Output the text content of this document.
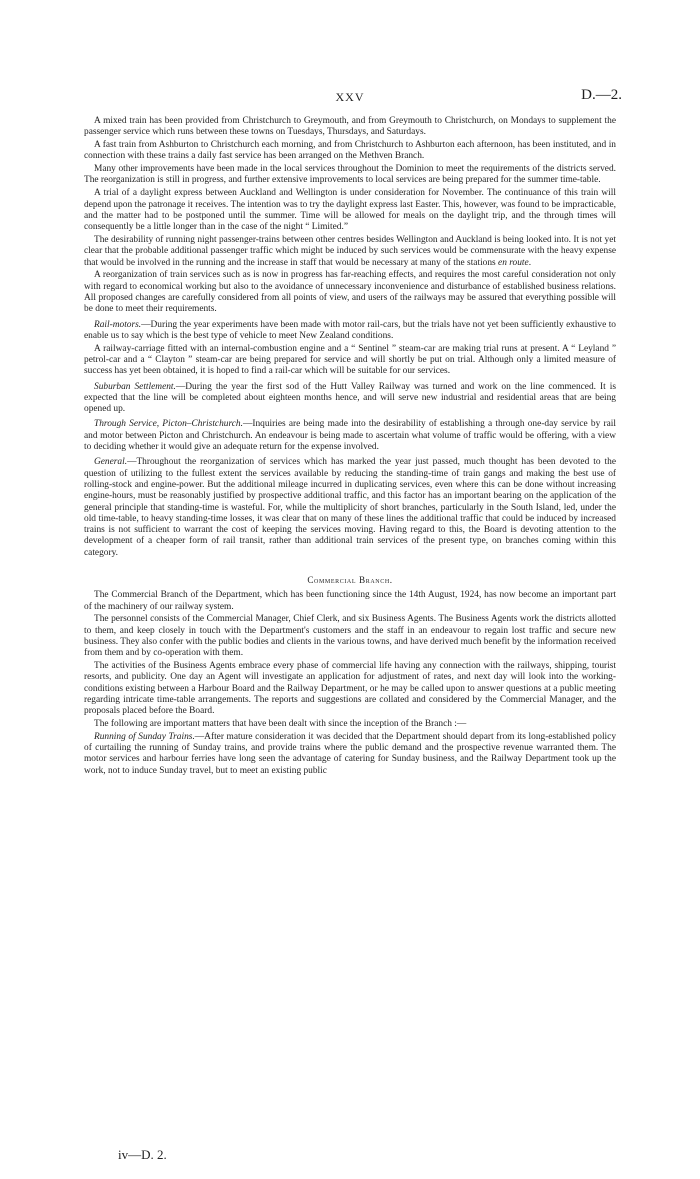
XXV	D.—2.

A mixed train has been provided from Christchurch to Greymouth, and from Greymouth to Christchurch, on Mondays to supplement the passenger service which runs between these towns on Tuesdays, Thursdays, and Saturdays.

A fast train from Ashburton to Christchurch each morning, and from Christchurch to Ashburton each afternoon, has been instituted, and in connection with these trains a daily fast service has been arranged on the Methven Branch.

Many other improvements have been made in the local services throughout the Dominion to meet the requirements of the districts served. The reorganization is still in progress, and further extensive improvements to local services are being prepared for the summer time-table.

A trial of a daylight express between Auckland and Wellington is under consideration for November. The continuance of this train will depend upon the patronage it receives. The intention was to try the daylight express last Easter. This, however, was found to be impracticable, and the matter had to be postponed until the summer. Time will be allowed for meals on the daylight trip, and the through times will consequently be a little longer than in the case of the night “ Limited.”

The desirability of running night passenger-trains between other centres besides Wellington and Auckland is being looked into. It is not yet clear that the probable additional passenger traffic which might be induced by such services would be commensurate with the heavy expense that would be involved in the running and the increase in staff that would be necessary at many of the stations en route.

A reorganization of train services such as is now in progress has far-reaching effects, and requires the most careful consideration not only with regard to economical working but also to the avoidance of unnecessary inconvenience and disturbance of established business relations. All proposed changes are carefully considered from all points of view, and users of the railways may be assured that everything possible will be done to meet their requirements.

Rail-motors.—During the year experiments have been made with motor rail-cars, but the trials have not yet been sufficiently exhaustive to enable us to say which is the best type of vehicle to meet New Zealand conditions.

A railway-carriage fitted with an internal-combustion engine and a “ Sentinel ” steam-car are making trial runs at present. A “ Leyland ” petrol-car and a “ Clayton ” steam-car are being prepared for service and will shortly be put on trial. Although only a limited measure of success has yet been obtained, it is hoped to find a rail-car which will be suitable for our services.

Suburban Settlement.—During the year the first sod of the Hutt Valley Railway was turned and work on the line commenced. It is expected that the line will be completed about eighteen months hence, and will serve new industrial and residential areas that are being opened up.

Through Service, Picton–Christchurch.—Inquiries are being made into the desirability of establishing a through one-day service by rail and motor between Picton and Christchurch. An endeavour is being made to ascertain what volume of traffic would be offering, with a view to deciding whether it would give an adequate return for the expense involved.

General.—Throughout the reorganization of services which has marked the year just passed, much thought has been devoted to the question of utilizing to the fullest extent the services available by reducing the standing-time of train gangs and making the best use of rolling-stock and engine-power. But the additional mileage incurred in duplicating services, even where this can be done without increasing engine-hours, must be reasonably justified by prospective additional traffic, and this factor has an important bearing on the application of the general principle that standing-time is wasteful. For, while the multiplicity of short branches, particularly in the South Island, led, under the old time-table, to heavy standing-time losses, it was clear that on many of these lines the additional traffic that could be induced by increased trains is not sufficient to warrant the cost of keeping the services moving. Having regard to this, the Board is devoting attention to the development of a cheaper form of rail transit, rather than additional train services of the present type, on branches coming within this category.

Commercial Branch.

The Commercial Branch of the Department, which has been functioning since the 14th August, 1924, has now become an important part of the machinery of our railway system.

The personnel consists of the Commercial Manager, Chief Clerk, and six Business Agents. The Business Agents work the districts allotted to them, and keep closely in touch with the Department's customers and the staff in an endeavour to regain lost traffic and secure new business. They also confer with the public bodies and clients in the various towns, and have derived much benefit by the information received from them and by co-operation with them.

The activities of the Business Agents embrace every phase of commercial life having any connection with the railways, shipping, tourist resorts, and publicity. One day an Agent will investigate an application for adjustment of rates, and next day will look into the working-conditions existing between a Harbour Board and the Railway Department, or he may be called upon to answer questions at a public meeting regarding intricate time-table arrangements. The reports and suggestions are collated and considered by the Commercial Manager, and the proposals placed before the Board.

The following are important matters that have been dealt with since the inception of the Branch :—

Running of Sunday Trains.—After mature consideration it was decided that the Department should depart from its long-established policy of curtailing the running of Sunday trains, and provide trains where the public demand and the prospective revenue warranted them. The motor services and harbour ferries have long seen the advantage of catering for Sunday business, and the Railway Department took up the work, not to induce Sunday travel, but to meet an existing public

iv—D. 2.
